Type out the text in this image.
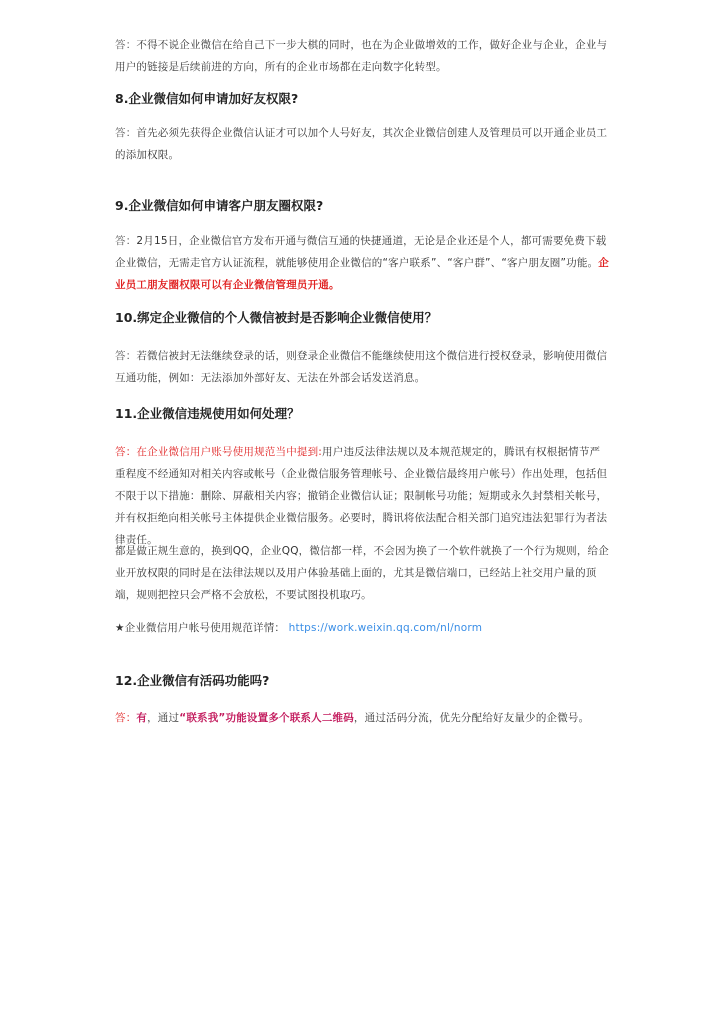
答：不得不说企业微信在给自己下一步大棋的同时，也在为企业做增效的工作，做好企业与企业，企业与用户的链接是后续前进的方向，所有的企业市场都在走向数字化转型。
8.企业微信如何申请加好友权限?
答：首先必须先获得企业微信认证才可以加个人号好友，其次企业微信创建人及管理员可以开通企业员工的添加权限。
9.企业微信如何申请客户朋友圈权限?
答：2月15日，企业微信官方发布开通与微信互通的快捷通道，无论是企业还是个人，都可需要免费下载企业微信，无需走官方认证流程，就能够使用企业微信的“客户联系”、“客户群”、“客户朋友圈”功能。企业员工朋友圈权限可以有企业微信管理员开通。
10.绑定企业微信的个人微信被封是否影响企业微信使用？
答：若微信被封无法继续登录的话，则登录企业微信不能继续使用这个微信进行授权登录，影响使用微信互通功能，例如：无法添加外部好友、无法在外部会话发送消息。
11.企业微信违规使用如何处理？
答：在企业微信用户账号使用规范当中提到:用户违反法律法规以及本规范规定的，腾讯有权根据情节严重程度不经通知对相关内容或帐号（企业微信服务管理帐号、企业微信最终用户帐号）作出处理，包括但不限于以下措施：删除、屏蔽相关内容；撤销企业微信认证；限制帐号功能；短期或永久封禁相关帐号，并有权拒绝向相关帐号主体提供企业微信服务。必要时，腾讯将依法配合相关部门追究违法犯罪行为者法律责任。
都是做正规生意的，换到QQ，企业QQ，微信都一样，不会因为换了一个软件就换了一个行为规则，给企业开放权限的同时是在法律法规以及用户体验基础上面的，尤其是微信端口，已经站上社交用户量的顶端，规则把控只会严格不会放松，不要试图投机取巧。
★企业微信用户帐号使用规范详情： https://work.weixin.qq.com/nl/norm
12.企业微信有活码功能吗?
答：有，通过“联系我”功能设置多个联系人二维码，通过活码分流，优先分配给好友量少的企微号。
